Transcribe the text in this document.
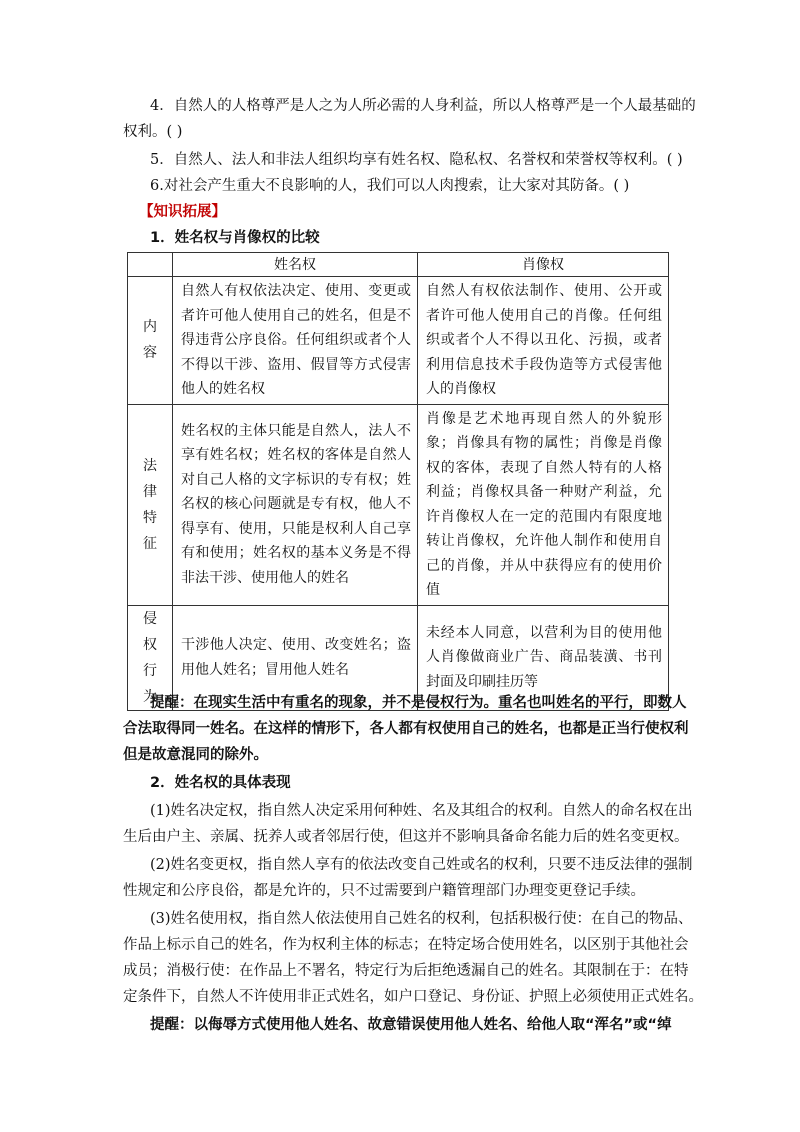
4．自然人的人格尊严是人之为人所必需的人身利益，所以人格尊严是一个人最基础的
权利。( )
5．自然人、法人和非法人组织均享有姓名权、隐私权、名誉权和荣誉权等权利。( )
6.对社会产生重大不良影响的人，我们可以人肉搜索，让大家对其防备。( )
【知识拓展】
1．姓名权与肖像权的比较
	姓名权	肖像权
内容	自然人有权依法决定、使用、变更或者许可他人使用自己的姓名，但是不得违背公序良俗。任何组织或者个人不得以干涉、盗用、假冒等方式侵害他人的姓名权	自然人有权依法制作、使用、公开或者许可他人使用自己的肖像。任何组织或者个人不得以丑化、污损，或者利用信息技术手段伪造等方式侵害他人的肖像权
法律特征	姓名权的主体只能是自然人，法人不享有姓名权；姓名权的客体是自然人对自己人格的文字标识的专有权；姓名权的核心问题就是专有权，他人不得享有、使用，只能是权利人自己享有和使用；姓名权的基本义务是不得非法干涉、使用他人的姓名	肖像是艺术地再现自然人的外貌形象；肖像具有物的属性；肖像是肖像权的客体，表现了自然人特有的人格利益；肖像权具备一种财产利益，允许肖像权人在一定的范围内有限度地转让肖像权，允许他人制作和使用自己的肖像，并从中获得应有的使用价值
侵权行为	干涉他人决定、使用、改变姓名；盗用他人姓名；冒用他人姓名	未经本人同意，以营利为目的使用他人肖像做商业广告、商品装潢、书刊封面及印刷挂历等
提醒：在现实生活中有重名的现象，并不是侵权行为。重名也叫姓名的平行，即数人
合法取得同一姓名。在这样的情形下，各人都有权使用自己的姓名，也都是正当行使权利
但是故意混同的除外。
2．姓名权的具体表现
(1)姓名决定权，指自然人决定采用何种姓、名及其组合的权利。自然人的命名权在出
生后由户主、亲属、抚养人或者邻居行使，但这并不影响具备命名能力后的姓名变更权。
(2)姓名变更权，指自然人享有的依法改变自己姓或名的权利，只要不违反法律的强制
性规定和公序良俗，都是允许的，只不过需要到户籍管理部门办理变更登记手续。
(3)姓名使用权，指自然人依法使用自己姓名的权利，包括积极行使：在自己的物品、
作品上标示自己的姓名，作为权利主体的标志；在特定场合使用姓名，以区别于其他社会
成员；消极行使：在作品上不署名，特定行为后拒绝透漏自己的姓名。其限制在于：在特
定条件下，自然人不许使用非正式姓名，如户口登记、身份证、护照上必须使用正式姓名。
提醒：以侮辱方式使用他人姓名、故意错误使用他人姓名、给他人取“浑名”或“绰
